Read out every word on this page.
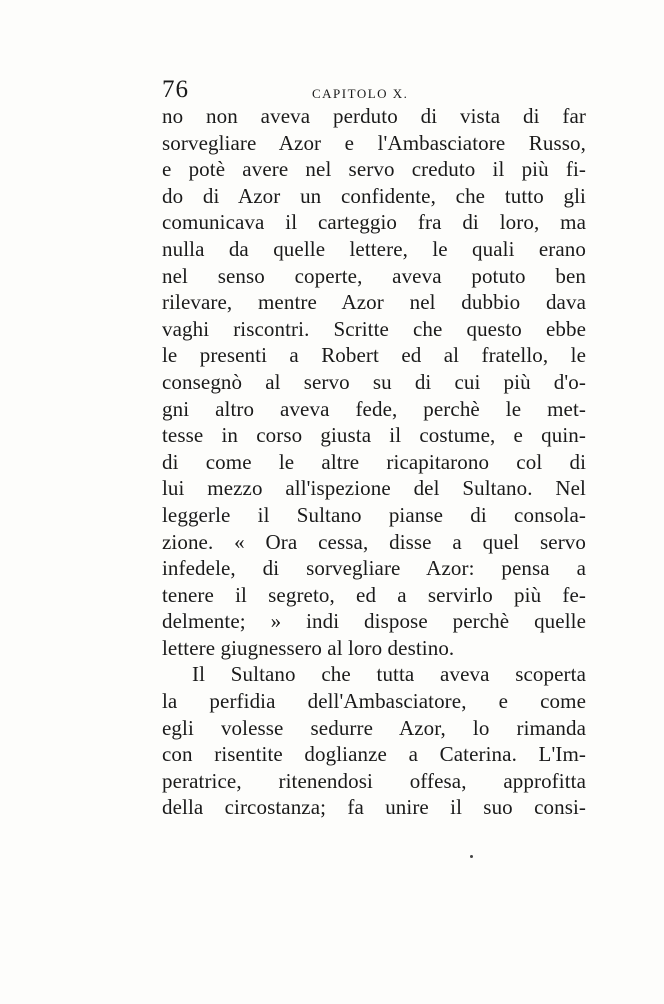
76	CAPITOLO X.
no non aveva perduto di vista di far
sorvegliare Azor e l'Ambasciatore Russo,
e potè avere nel servo creduto il più fi-
do di Azor un confidente, che tutto gli
comunicava il carteggio fra di loro, ma
nulla da quelle lettere, le quali erano
nel senso coperte, aveva potuto ben
rilevare, mentre Azor nel dubbio dava
vaghi riscontri. Scritte che questo ebbe
le presenti a Robert ed al fratello, le
consegnò al servo su di cui più d'o-
gni altro aveva fede, perchè le met-
tesse in corso giusta il costume, e quin-
di come le altre ricapitarono col di
lui mezzo all'ispezione del Sultano. Nel
leggerle il Sultano pianse di consola-
zione. « Ora cessa, disse a quel servo
infedele, di sorvegliare Azor: pensa a
tenere il segreto, ed a servirlo più fe-
delmente; » indi dispose perchè quelle
lettere giugnessero al loro destino.
Il Sultano che tutta aveva scoperta
la perfidia dell'Ambasciatore, e come
egli volesse sedurre Azor, lo rimanda
con risentite doglianze a Caterina. L'Im-
peratrice, ritenendosi offesa, approfitta
della circostanza; fa unire il suo consi-
